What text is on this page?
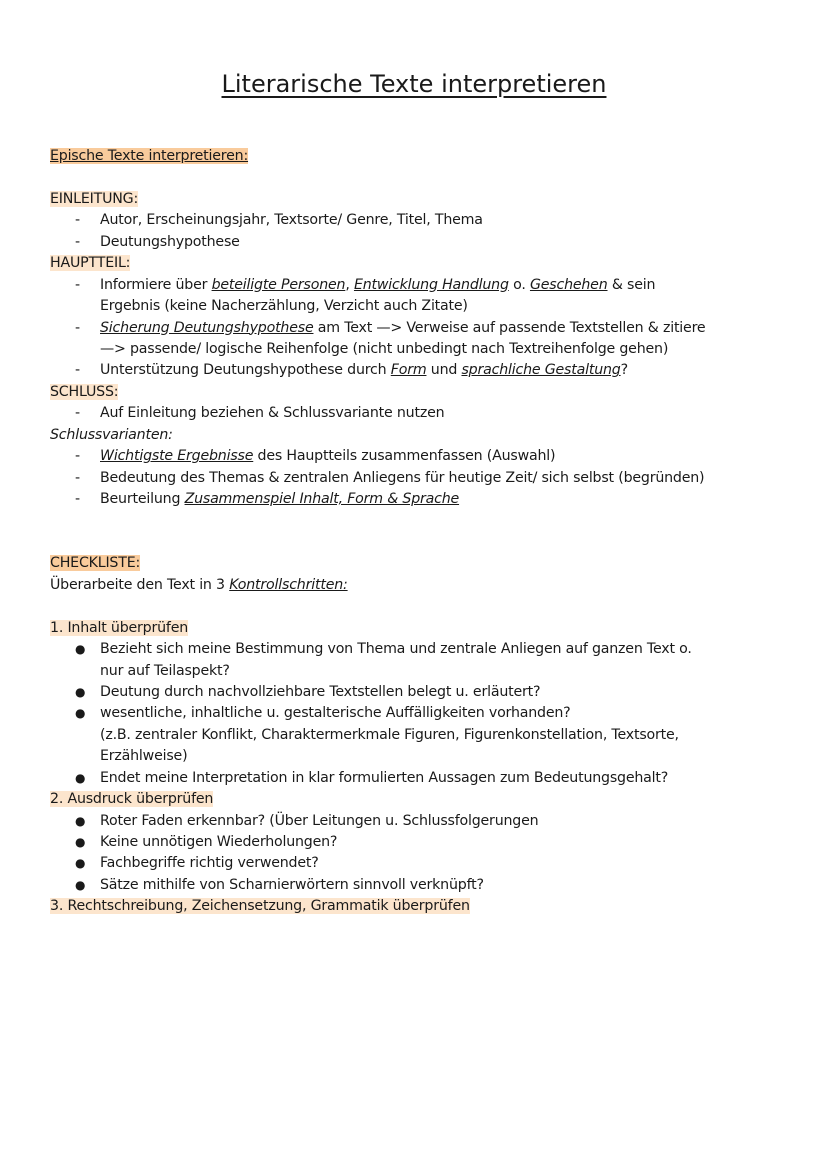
Literarische Texte interpretieren
Epische Texte interpretieren:
EINLEITUNG:
- Autor, Erscheinungsjahr, Textsorte/ Genre, Titel, Thema
- Deutungshypothese
HAUPTTEIL:
- Informiere über beteiligte Personen, Entwicklung Handlung o. Geschehen & sein
Ergebnis (keine Nacherzählung, Verzicht auch Zitate)
- Sicherung Deutungshypothese am Text —> Verweise auf passende Textstellen & zitiere
—> passende/ logische Reihenfolge (nicht unbedingt nach Textreihenfolge gehen)
- Unterstützung Deutungshypothese durch Form und sprachliche Gestaltung?
SCHLUSS:
- Auf Einleitung beziehen & Schlussvariante nutzen
Schlussvarianten:
- Wichtigste Ergebnisse des Hauptteils zusammenfassen (Auswahl)
- Bedeutung des Themas & zentralen Anliegens für heutige Zeit/ sich selbst (begründen)
- Beurteilung Zusammenspiel Inhalt, Form & Sprache
CHECKLISTE:
Überarbeite den Text in 3 Kontrollschritten:
1. Inhalt überprüfen
● Bezieht sich meine Bestimmung von Thema und zentrale Anliegen auf ganzen Text o.
nur auf Teilaspekt?
● Deutung durch nachvollziehbare Textstellen belegt u. erläutert?
● wesentliche, inhaltliche u. gestalterische Auffälligkeiten vorhanden?
(z.B. zentraler Konflikt, Charaktermerkmale Figuren, Figurenkonstellation, Textsorte,
Erzählweise)
● Endet meine Interpretation in klar formulierten Aussagen zum Bedeutungsgehalt?
2. Ausdruck überprüfen
● Roter Faden erkennbar? (Über Leitungen u. Schlussfolgerungen
● Keine unnötigen Wiederholungen?
● Fachbegriffe richtig verwendet?
● Sätze mithilfe von Scharnierwörtern sinnvoll verknüpft?
3. Rechtschreibung, Zeichensetzung, Grammatik überprüfen
